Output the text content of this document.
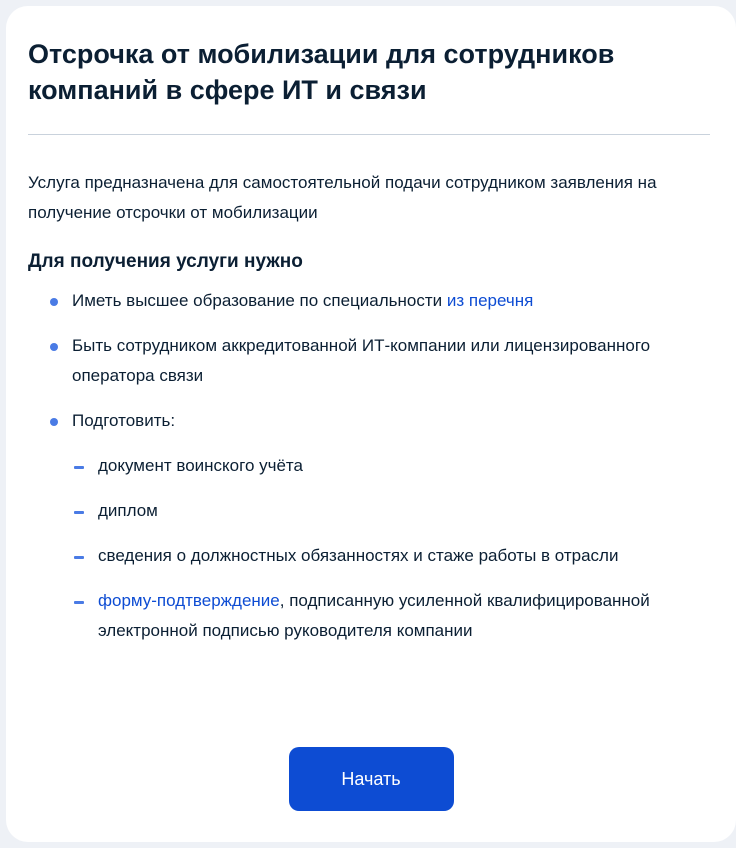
Отсрочка от мобилизации для сотрудников компаний в сфере ИТ и связи

Услуга предназначена для самостоятельной подачи сотрудником заявления на получение отсрочки от мобилизации

Для получения услуги нужно
Иметь высшее образование по специальности из перечня
Быть сотрудником аккредитованной ИТ-компании или лицензированного оператора связи
Подготовить:
документ воинского учёта
диплом
сведения о должностных обязанностях и стаже работы в отрасли
форму-подтверждение, подписанную усиленной квалифицированной электронной подписью руководителя компании
Начать
